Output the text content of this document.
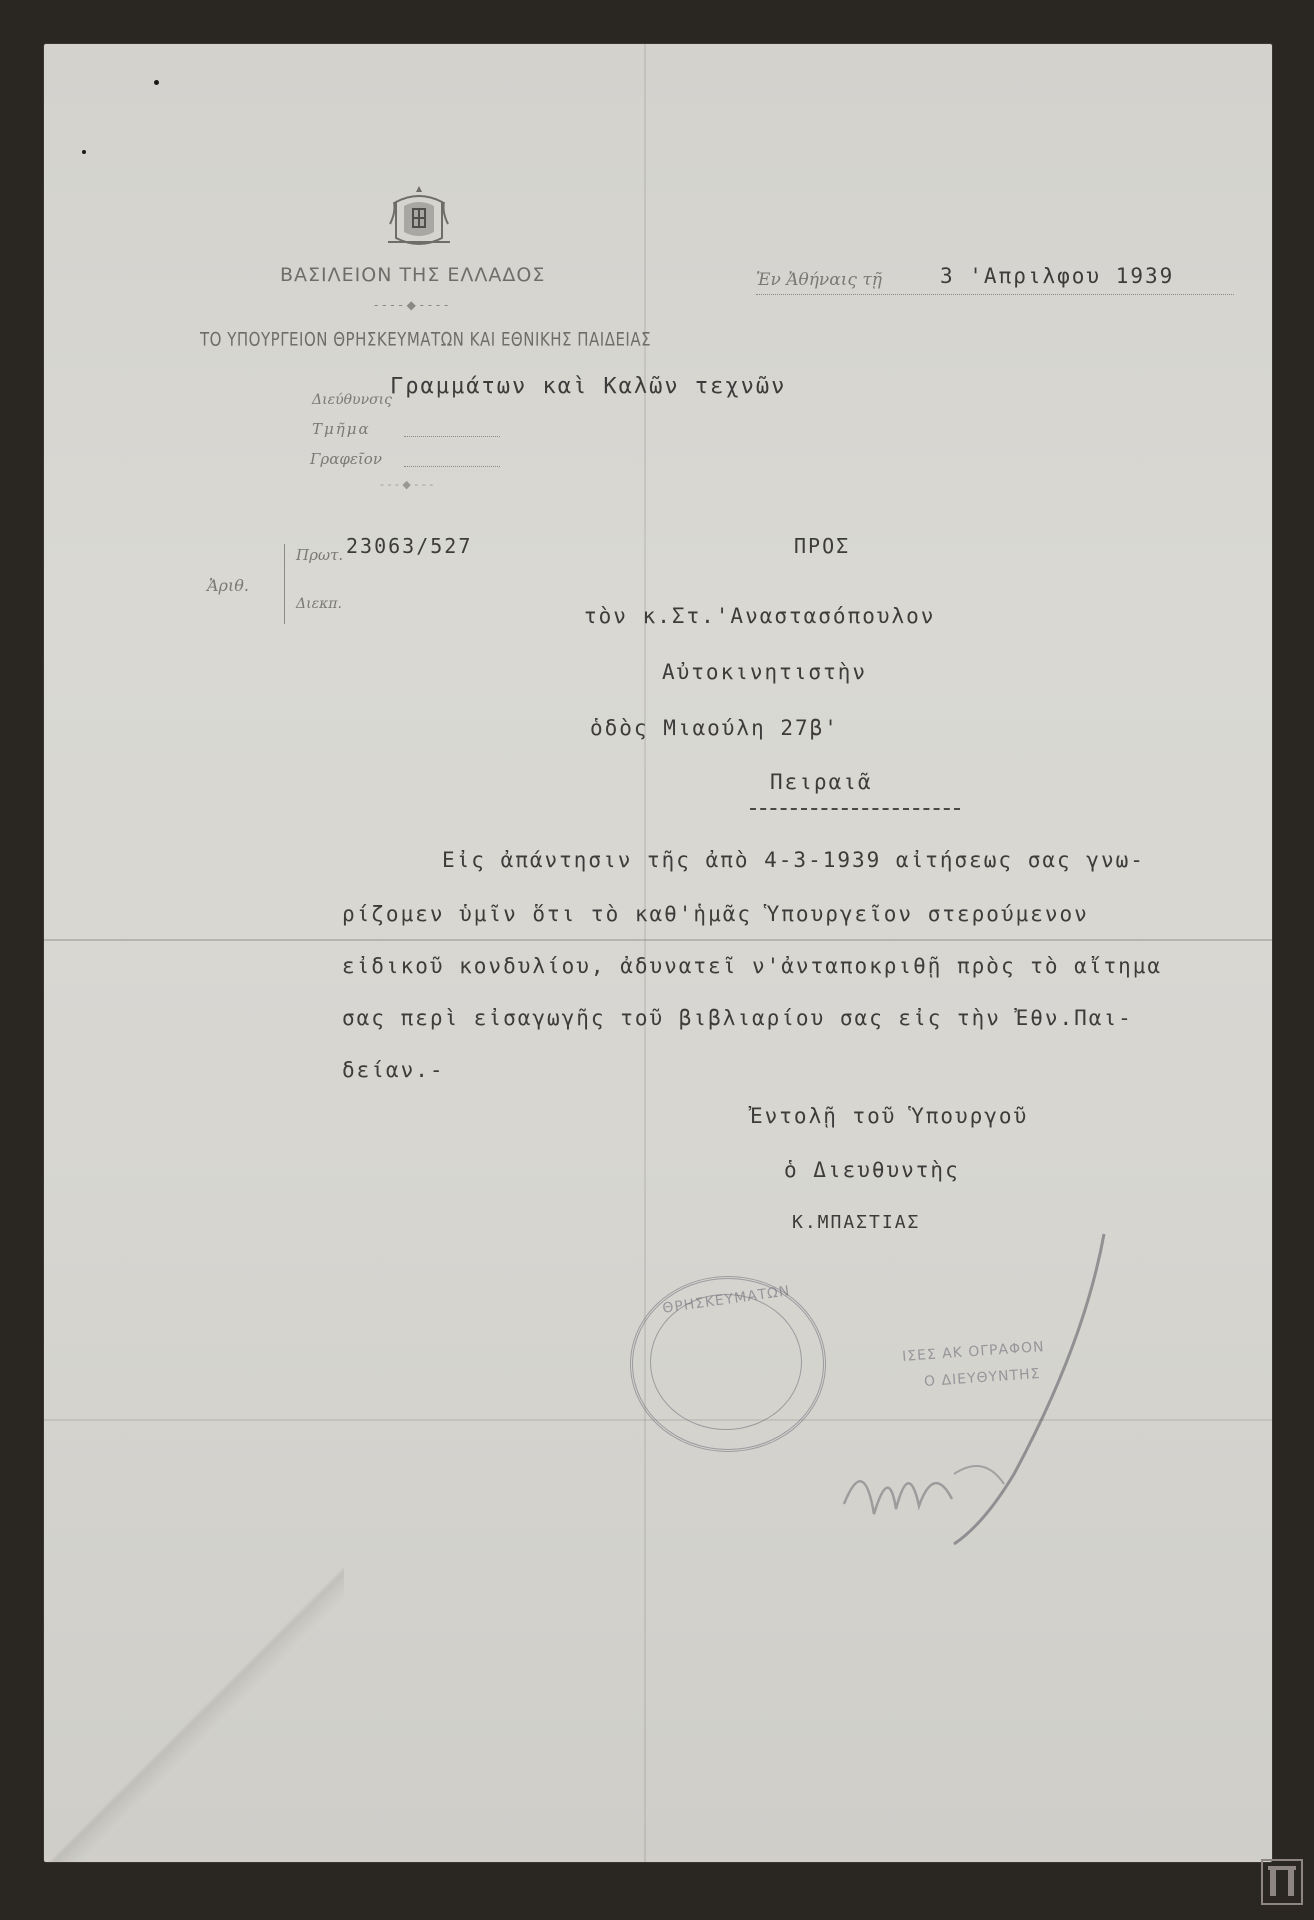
ΒΑΣΙΛΕΙΟΝ ΤΗΣ ΕΛΛΑΔΟΣ
- - - - ◆ - - - -
ΤΟ ΥΠΟΥΡΓΕΙΟΝ ΘΡΗΣΚΕΥΜΑΤΩΝ ΚΑΙ ΕΘΝΙΚΗΣ ΠΑΙΔΕΙΑΣ
Ἐν Ἀθήναις τῇ	3 'Απριλφου 1939
Διεύθυνσις
Γραμμάτων καὶ Καλῶν τεχνῶν
Τμῆμα
Γραφεῖον
- - - ◆ - - -
Ἀριθ.
Πρωτ. 23063/527
Διεκπ.
ΠΡΟΣ
τὸν κ.Στ.'Αναστασόπουλον
Αὐτοκινητιστὴν
ὁδὸς Μιαούλη 27β'
Πειραιᾶ
Εἰς ἀπάντησιν τῆς ἀπὸ 4-3-1939 αἰτήσεως σας γνω-
ρίζομεν ὑμῖν ὅτι τὸ καθ'ἡμᾶς Ὑπουργεῖον στερούμενον
εἰδικοῦ κονδυλίου, ἀδυνατεῖ ν'ἀνταποκριθῇ πρὸς τὸ αἴτημα
σας περὶ εἰσαγωγῆς τοῦ βιβλιαρίου σας εἰς τὴν Ἐθν.Παι-
δείαν.-
Ἐντολῇ τοῦ Ὑπουργοῦ
ὁ Διευθυντὴς
Κ.ΜΠΑΣΤΙΑΣ
ΘΡΗΣΚΕΥΜΑΤΩΝ
ΙΣΕΣ ΑΚ ΟΓΡΑΦΟΝ
Ο ΔΙΕΥΘΥΝΤΗΣ
